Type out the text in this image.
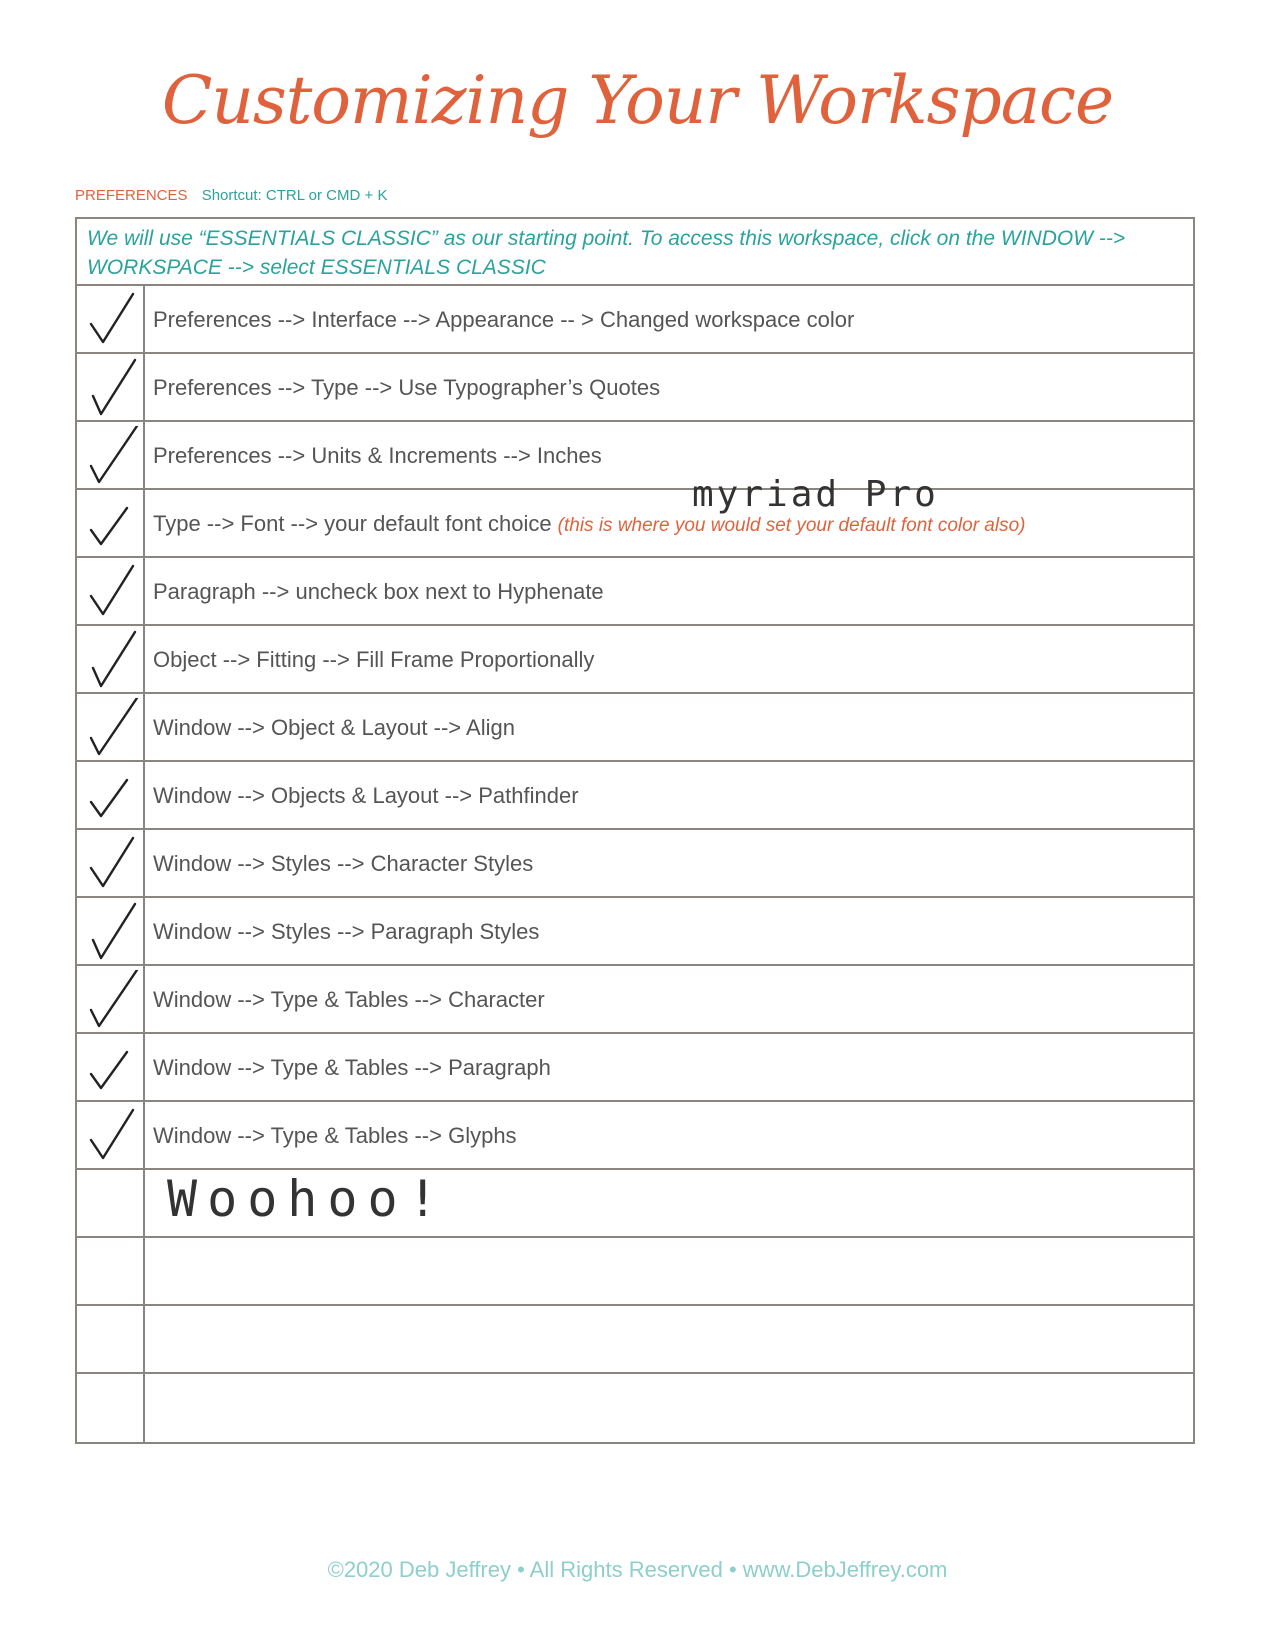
Customizing Your Workspace
PREFERENCES Shortcut: CTRL or CMD + K
We will use “ESSENTIALS CLASSIC” as our starting point. To access this workspace, click on the WINDOW --> WORKSPACE --> select ESSENTIALS CLASSIC
Preferences --> Interface --> Appearance -- > Changed workspace color
Preferences --> Type --> Use Typographer’s Quotes
Preferences --> Units & Increments --> Inches
Type --> Font --> your default font choice (this is where you would set your default font color also)
myriad Pro
Paragraph --> uncheck box next to Hyphenate
Object --> Fitting --> Fill Frame Proportionally
Window --> Object & Layout --> Align
Window --> Objects & Layout --> Pathfinder
Window --> Styles --> Character Styles
Window --> Styles --> Paragraph Styles
Window --> Type & Tables --> Character
Window --> Type & Tables --> Paragraph
Window --> Type & Tables --> Glyphs
Woohoo!
©2020 Deb Jeffrey • All Rights Reserved • www.DebJeffrey.com
